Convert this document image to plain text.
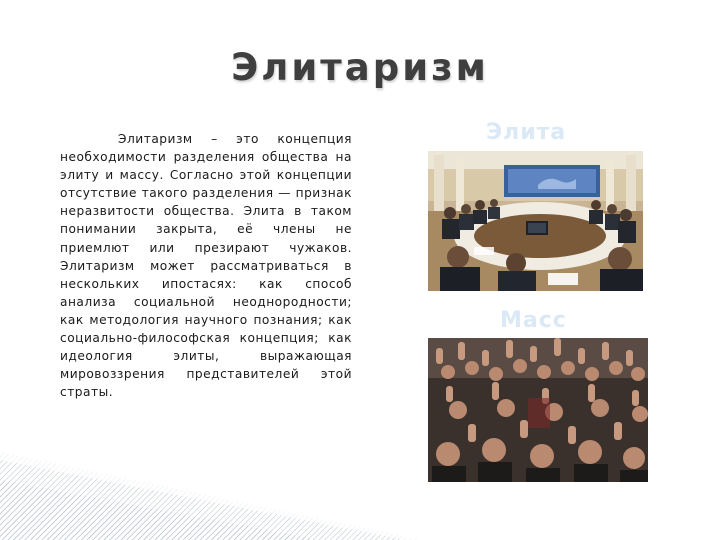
Элитаризм

Элитаризм – это концепция необходимости разделения общества на элиту и массу. Согласно этой концепции отсутствие такого разделения — признак неразвитости общества. Элита в таком понимании закрыта, её члены не приемлют или презирают чужаков. Элитаризм может рассматриваться в нескольких ипостасях: как способ анализа социальной неоднородности; как методология научного познания; как социально-философская концепция; как идеология элиты, выражающая мировоззрения представителей этой страты.

Элита
Масс
